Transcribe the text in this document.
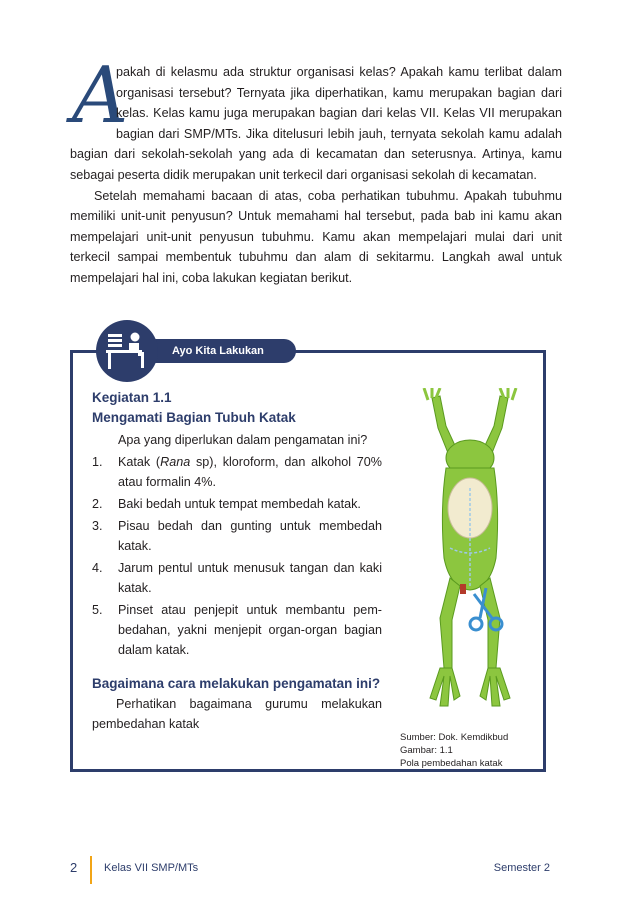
A
pakah di kelasmu ada struktur organisasi kelas? Apakah kamu terlibat dalam organisasi tersebut? Ternyata jika diperhatikan, kamu merupakan bagian dari kelas. Kelas kamu juga merupakan bagian dari kelas VII. Kelas VII merupakan bagian dari SMP/MTs. Jika ditelusuri lebih jauh, ternyata sekolah kamu adalah bagian dari sekolah-sekolah yang ada di kecamatan dan seterusnya. Artinya, kamu sebagai peserta didik merupakan unit terkecil dari organisasi sekolah di kecamatan.

Setelah memahami bacaan di atas, coba perhatikan tubuhmu. Apakah tubuhmu memiliki unit-unit penyusun? Untuk memahami hal tersebut, pada bab ini kamu akan mempelajari unit-unit penyusun tubuhmu. Kamu akan mempelajari mulai dari unit terkecil sampai membentuk tubuhmu dan alam di sekitarmu. Langkah awal untuk mempelajari hal ini, coba lakukan kegiatan berikut.

Ayo Kita Lakukan

Kegiatan 1.1

Mengamati Bagian Tubuh Katak

Apa yang diperlukan dalam pengamatan ini?

1. Katak (Rana sp), kloroform, dan alkohol 70% atau formalin 4%.
2. Baki bedah untuk tempat membedah katak.
3. Pisau bedah dan gunting untuk membedah katak.
4. Jarum pentul untuk menusuk tangan dan kaki katak.
5. Pinset atau penjepit untuk membantu pem-bedahan, yakni menjepit organ-organ bagian dalam katak.

Bagaimana cara melakukan pengamatan ini?

Perhatikan bagaimana gurumu melakukan pembedahan katak

Sumber: Dok. Kemdikbud
Gambar: 1.1
Pola pembedahan katak
2 Kelas VII SMP/MTs	Semester 2
